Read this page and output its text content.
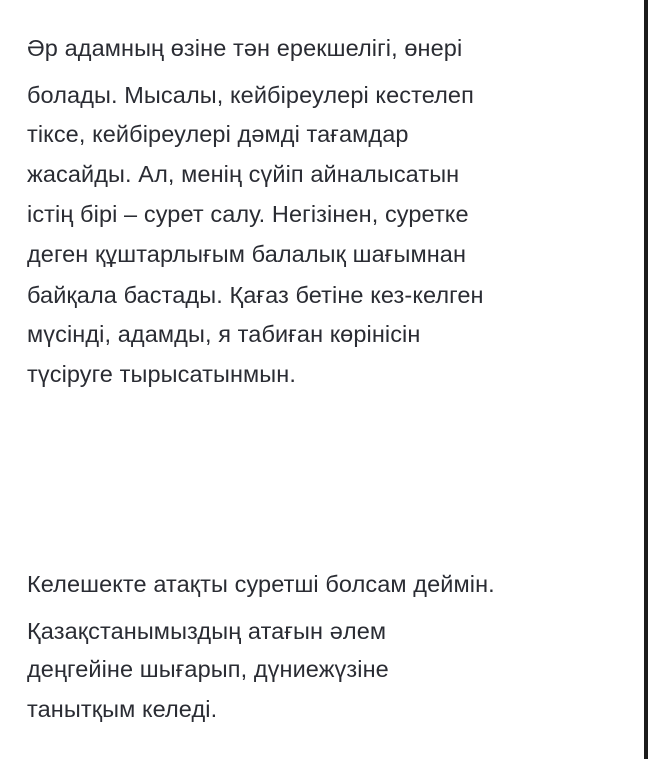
Әр адамның өзіне тән ерекшелігі, өнері
болады. Мысалы, кейбіреулері кестелеп
тіксе, кейбіреулері дәмді тағамдар
жасайды. Ал, менің сүйіп айналысатын
істің бірі – сурет салу. Негізінен, суретке
деген құштарлығым балалық шағымнан
байқала бастады. Қағаз бетіне кез-келген
мүсінді, адамды, я табиған көрінісін
түсіруге тырысатынмын.
Келешекте атақты суретші болсам деймін.
Қазақстанымыздың атағын әлем
деңгейіне шығарып, дүниежүзіне
танытқым келеді.
